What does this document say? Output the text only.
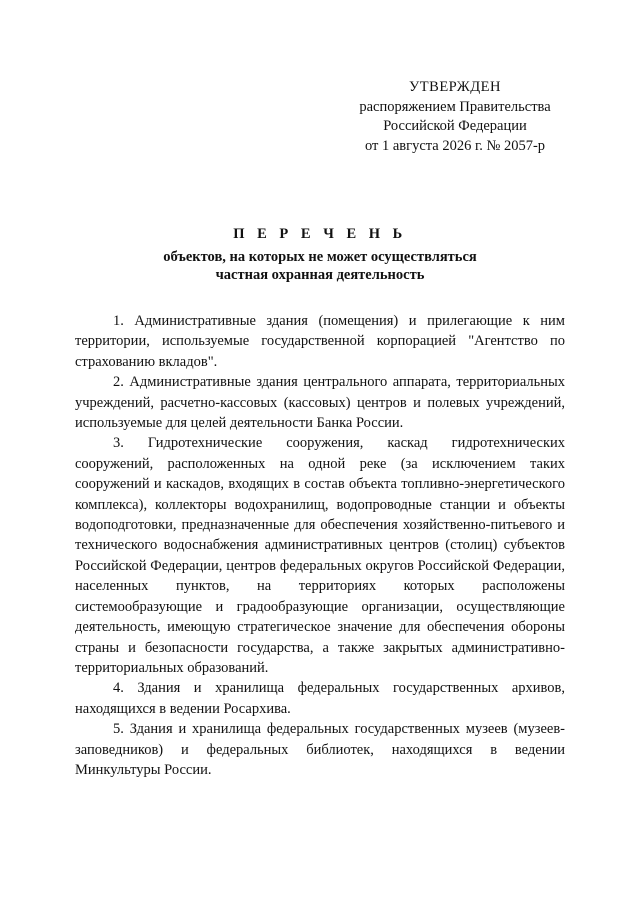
УТВЕРЖДЕН
распоряжением Правительства
Российской Федерации
от 1 августа 2026 г. № 2057-р
П Е Р Е Ч Е Н Ь
объектов, на которых не может осуществляться
частная охранная деятельность

1. Административные здания (помещения) и прилегающие к ним территории, используемые государственной корпорацией "Агентство по страхованию вкладов".

2. Административные здания центрального аппарата, территориальных учреждений, расчетно-кассовых (кассовых) центров и полевых учреждений, используемые для целей деятельности Банка России.

3. Гидротехнические сооружения, каскад гидротехнических сооружений, расположенных на одной реке (за исключением таких сооружений и каскадов, входящих в состав объекта топливно-энергетического комплекса), коллекторы водохранилищ, водопроводные станции и объекты водоподготовки, предназначенные для обеспечения хозяйственно-питьевого и технического водоснабжения административных центров (столиц) субъектов Российской Федерации, центров федеральных округов Российской Федерации, населенных пунктов, на территориях которых расположены системообразующие и градообразующие организации, осуществляющие деятельность, имеющую стратегическое значение для обеспечения обороны страны и безопасности государства, а также закрытых административно-территориальных образований.

4. Здания и хранилища федеральных государственных архивов, находящихся в ведении Росархива.

5. Здания и хранилища федеральных государственных музеев (музеев-заповедников) и федеральных библиотек, находящихся в ведении Минкультуры России.
